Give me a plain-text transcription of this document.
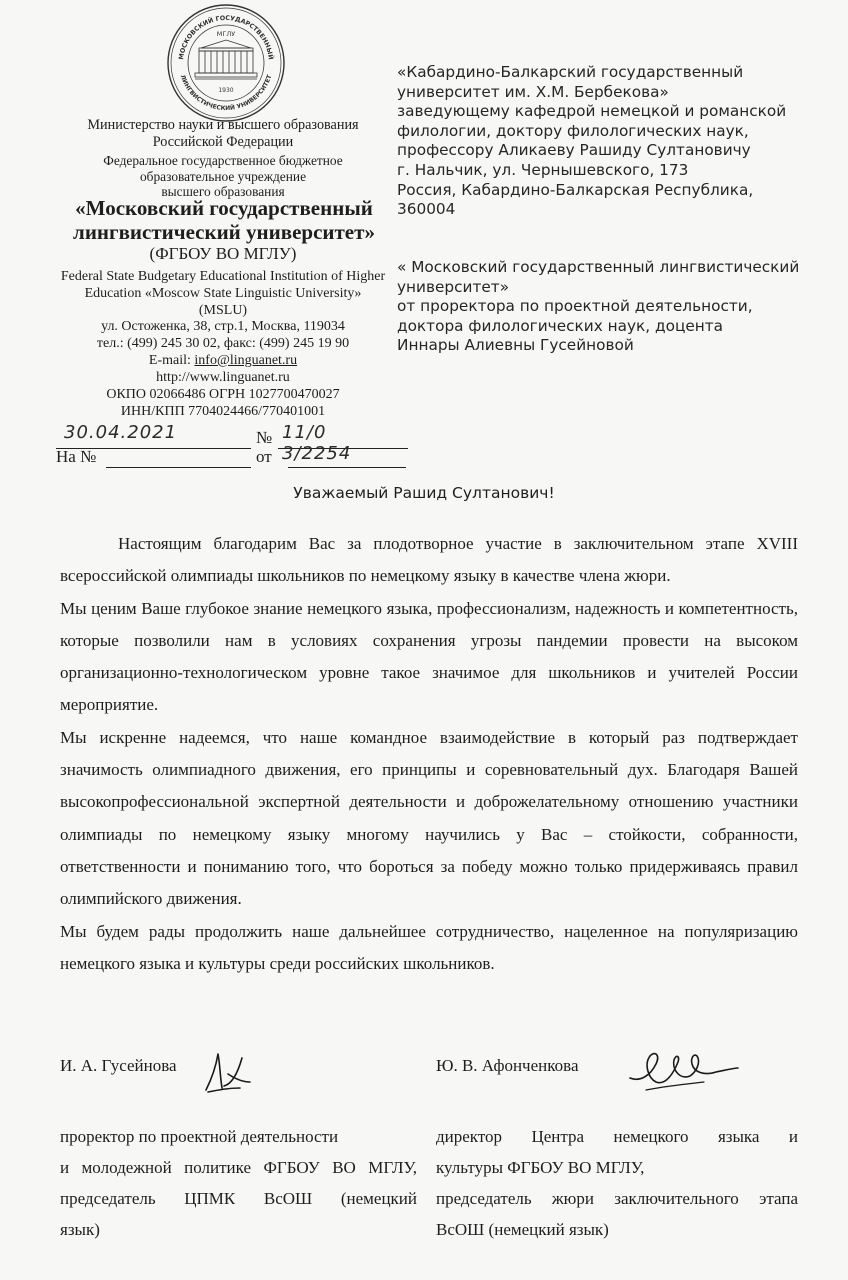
МОСКОВСКИЙ ГОСУДАРСТВЕННЫЙ
ЛИНГВИСТИЧЕСКИЙ УНИВЕРСИТЕТ
МГЛУ
1930
Министерство науки и высшего образования
Российской Федерации
Федеральное государственное бюджетное
образовательное учреждение
высшего образования
«Московский государственный
лингвистический университет»
(ФГБОУ ВО МГЛУ)
Federal State Budgetary Educational Institution of Higher
Education «Moscow State Linguistic University»
(MSLU)
ул. Остоженка, 38, стр.1, Москва, 119034
тел.: (499) 245 30 02, факс: (499) 245 19 90
E-mail: info@linguanet.ru
http://www.linguanet.ru
ОКПО 02066486 ОГРН 1027700470027
ИНН/КПП 7704024466/770401001
30.04.2021	№ 11/0 3/2254
На №	от
«Кабардино-Балкарский государственный
университет им. Х.М. Бербекова»
заведующему кафедрой немецкой и романской
филологии, доктору филологических наук,
профессору Аликаеву Рашиду Султановичу
г. Нальчик, ул. Чернышевского, 173
Россия, Кабардино-Балкарская Республика,
360004
« Московский государственный лингвистический
университет»
от проректора по проектной деятельности,
доктора филологических наук, доцента
Иннары Алиевны Гусейновой
Уважаемый Рашид Султанович!

Настоящим благодарим Вас за плодотворное участие в заключительном этапе XVIII всероссийской олимпиады школьников по немецкому языку в качестве члена жюри.

Мы ценим Ваше глубокое знание немецкого языка, профессионализм, надежность и компетентность, которые позволили нам в условиях сохранения угрозы пандемии провести на высоком организационно-технологическом уровне такое значимое для школьников и учителей России мероприятие.

Мы искренне надеемся, что наше командное взаимодействие в который раз подтверждает значимость олимпиадного движения, его принципы и соревновательный дух. Благодаря Вашей высокопрофессиональной экспертной деятельности и доброжелательному отношению участники олимпиады по немецкому языку многому научились у Вас – стойкости, собранности, ответственности и пониманию того, что бороться за победу можно только придерживаясь правил олимпийского движения.

Мы будем рады продолжить наше дальнейшее сотрудничество, нацеленное на популяризацию немецкого языка и культуры среди российских школьников.

И. А. Гусейнова	Ю. В. Афонченкова
проректор по проектной деятельности
и молодежной политике ФГБОУ ВО МГЛУ,
председатель ЦПМК ВсОШ (немецкий
язык)
директор Центра немецкого языка и
культуры ФГБОУ ВО МГЛУ,
председатель жюри заключительного этапа
ВсОШ (немецкий язык)
